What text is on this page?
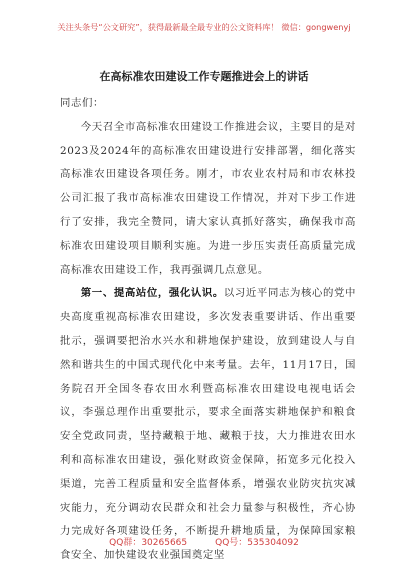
关注头条号“公文研究”，获得最新最全最专业的公文资料库！ 微信：gongwenyj
在高标准农田建设工作专题推进会上的讲话

同志们：

今天召全市高标准农田建设工作推进会议，主要目的是对2023及2024年的高标准农田建设进行安排部署，细化落实高标准农田建设各项任务。刚才，市农业农村局和市农林投公司汇报了我市高标准农田建设工作情况，并对下步工作进行了安排，我完全赞同，请大家认真抓好落实，确保我市高标准农田建设项目顺利实施。为进一步压实责任高质量完成高标准农田建设工作，我再强调几点意见。

第一、提高站位，强化认识。以习近平同志为核心的党中央高度重视高标准农田建设，多次发表重要讲话、作出重要批示，强调要把治水兴水和耕地保护建设，放到建设人与自然和谐共生的中国式现代化中来考量。去年，11月17日，国务院召开全国冬春农田水利暨高标准农田建设电视电话会议，李强总理作出重要批示，要求全面落实耕地保护和粮食安全党政同责，坚持藏粮于地、藏粮于技，大力推进农田水利和高标准农田建设，强化财政资金保障，拓宽多元化投入渠道，完善工程质量和安全监督体系，增强农业防灾抗灾减灾能力，充分调动农民群众和社会力量参与积极性，齐心协力完成好各项建设任务，不断提升耕地质量，为保障国家粮食安全、加快建设农业强国奠定坚

QQ群：30265665	QQ号：535304092
